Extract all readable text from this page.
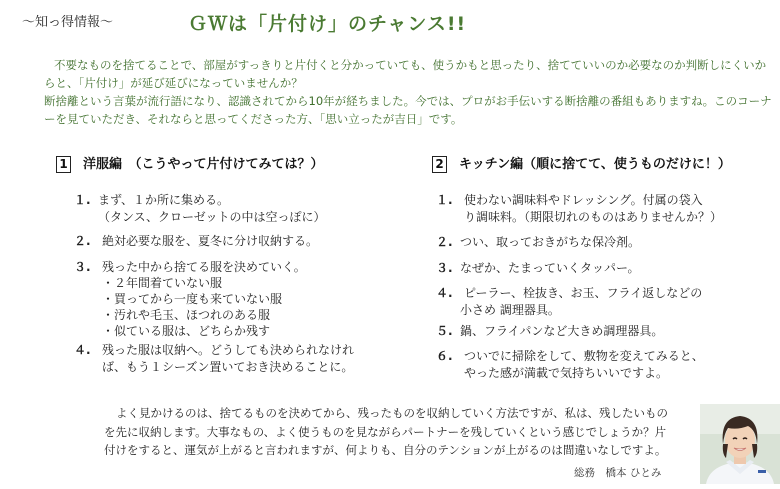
〜知っ得情報〜	ＧＷは「片付け」のチャンス!!

不要なものを捨てることで、部屋がすっきりと片付くと分かっていても、使うかもと思ったり、捨てていいのか必要なのか判断しにくいからと、「片付け」が延び延びになっていませんか？

断捨離という言葉が流行語になり、認識されてから10年が経ちました。今では、プロがお手伝いする断捨離の番組もありますね。このコーナーを見ていただき、それならと思ってくださった方、「思い立ったが吉日」です。

1 洋服編　（こうやって片付けてみては？）
１. まず、１か所に集める。
（タンス、クローゼットの中は空っぽに）
２. 絶対必要な服を、夏冬に分け収納する。
３. 残った中から捨てる服を決めていく。
・２年間着ていない服
・買ってから一度も来ていない服
・汚れや毛玉、ほつれのある服
・似ている服は、どちらか残す
４. 残った服は収納へ。どうしても決められなけれ
ば、もう１シーズン置いておき決めることに。
2 キッチン編（順に捨てて、使うものだけに！）
１. 使わない調味料やドレッシング。付属の袋入
り調味料。（期限切れのものはありませんか？）
２. つい、取っておきがちな保冷剤。
３. なぜか、たまっていくタッパー。
４. ピーラー、栓抜き、お玉、フライ返しなどの
小さめ 調理器具。
５. 鍋、フライパンなど大きめ調理器具。
６. ついでに掃除をして、敷物を変えてみると、
やった感が満載で気持ちいいですよ。
よく見かけるのは、捨てるものを決めてから、残ったものを収納していく方法ですが、私は、残したいものを先に収納します。大事なもの、よく使うものを見ながらパートナーを残していくという感じでしょうか？片付けをすると、運気が上がると言われますが、何よりも、自分のテンションが上がるのは間違いなしですよ。
総務　橋本 ひとみ
